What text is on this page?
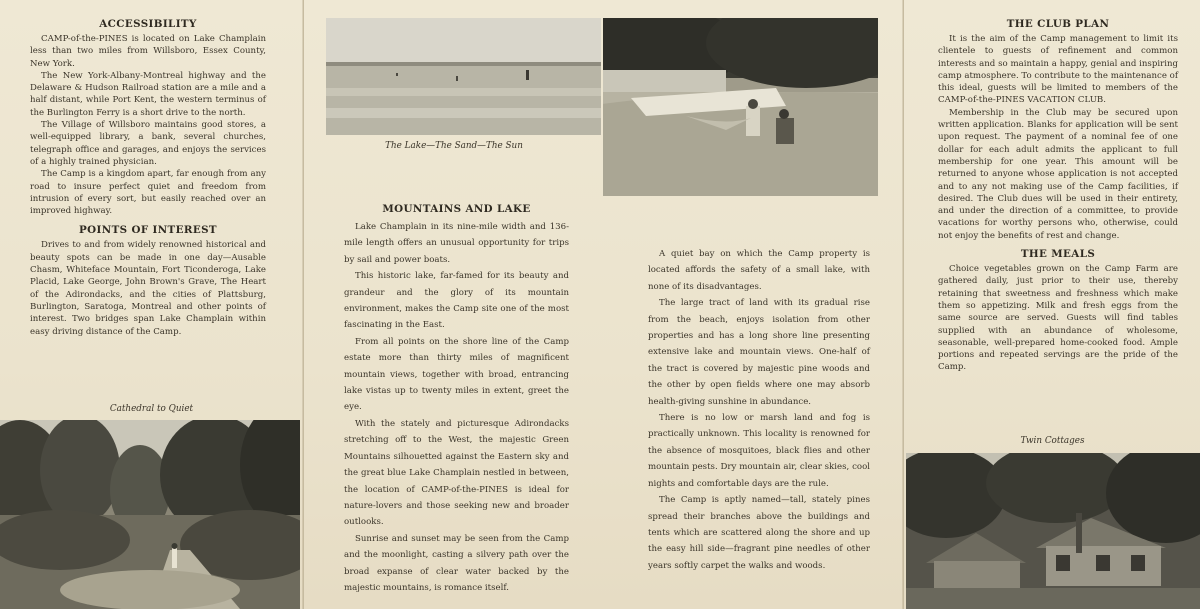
ACCESSIBILITY

CAMP-of-the-PINES is located on Lake Champlain less than two miles from Willsboro, Essex County, New York.

The New York-Albany-Montreal highway and the Delaware & Hudson Railroad station are a mile and a half distant, while Port Kent, the western terminus of the Burlington Ferry is a short drive to the north.

The Village of Willsboro maintains good stores, a well-equipped library, a bank, several churches, telegraph office and garages, and enjoys the services of a highly trained physician.

The Camp is a kingdom apart, far enough from any road to insure perfect quiet and freedom from intrusion of every sort, but easily reached over an improved highway.

POINTS OF INTEREST

Drives to and from widely renowned historical and beauty spots can be made in one day—Ausable Chasm, Whiteface Mountain, Fort Ticonderoga, Lake Placid, Lake George, John Brown's Grave, The Heart of the Adirondacks, and the cities of Plattsburg, Burlington, Saratoga, Montreal and other points of interest. Two bridges span Lake Champlain within easy driving distance of the Camp.

Cathedral to Quiet
The Lake—The Sand—The Sun
MOUNTAINS AND LAKE

Lake Champlain in its nine-mile width and 136-mile length offers an unusual opportunity for trips by sail and power boats.

This historic lake, far-famed for its beauty and grandeur and the glory of its mountain environment, makes the Camp site one of the most fascinating in the East.

From all points on the shore line of the Camp estate more than thirty miles of magnificent mountain views, together with broad, entrancing lake vistas up to twenty miles in extent, greet the eye.

With the stately and picturesque Adirondacks stretching off to the West, the majestic Green Mountains silhouetted against the Eastern sky and the great blue Lake Champlain nestled in between, the location of CAMP-of-the-PINES is ideal for nature-lovers and those seeking new and broader outlooks.

Sunrise and sunset may be seen from the Camp and the moonlight, casting a silvery path over the broad expanse of clear water backed by the majestic mountains, is romance itself.

A quiet bay on which the Camp property is located affords the safety of a small lake, with none of its disadvantages.

The large tract of land with its gradual rise from the beach, enjoys isolation from other properties and has a long shore line presenting extensive lake and mountain views. One-half of the tract is covered by majestic pine woods and the other by open fields where one may absorb health-giving sunshine in abundance.

There is no low or marsh land and fog is practically unknown. This locality is renowned for the absence of mosquitoes, black flies and other mountain pests. Dry mountain air, clear skies, cool nights and comfortable days are the rule.

The Camp is aptly named—tall, stately pines spread their branches above the buildings and tents which are scattered along the shore and up the easy hill side—fragrant pine needles of other years softly carpet the walks and woods.

THE CLUB PLAN

It is the aim of the Camp management to limit its clientele to guests of refinement and common interests and so maintain a happy, genial and inspiring camp atmosphere. To contribute to the maintenance of this ideal, guests will be limited to members of the CAMP-of-the-PINES VACATION CLUB.

Membership in the Club may be secured upon written application. Blanks for application will be sent upon request. The payment of a nominal fee of one dollar for each adult admits the applicant to full membership for one year. This amount will be returned to anyone whose application is not accepted and to any not making use of the Camp facilities, if desired. The Club dues will be used in their entirety, and under the direction of a committee, to provide vacations for worthy persons who, otherwise, could not enjoy the benefits of rest and change.

THE MEALS

Choice vegetables grown on the Camp Farm are gathered daily, just prior to their use, thereby retaining that sweetness and freshness which make them so appetizing. Milk and fresh eggs from the same source are served. Guests will find tables supplied with an abundance of wholesome, seasonable, well-prepared home-cooked food. Ample portions and repeated servings are the pride of the Camp.

Twin Cottages
